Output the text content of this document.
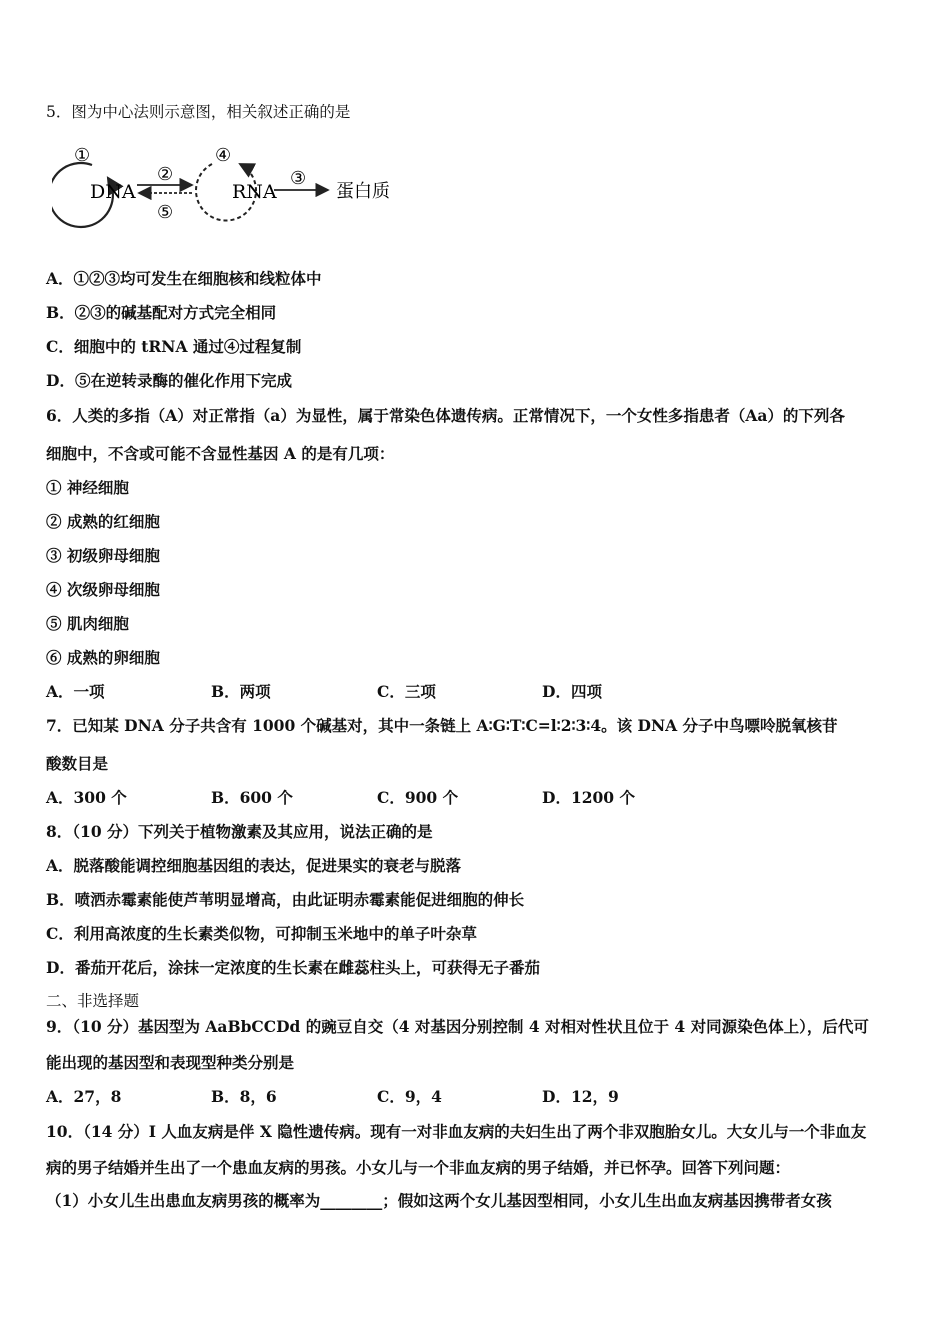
5．图为中心法则示意图，相关叙述正确的是
①
DNA
②
⑤
④
RNA
③
蛋白质
A．①②③均可发生在细胞核和线粒体中
B．②③的碱基配对方式完全相同
C．细胞中的 tRNA 通过④过程复制
D．⑤在逆转录酶的催化作用下完成
6．人类的多指（A）对正常指（a）为显性，属于常染色体遗传病。正常情况下，一个女性多指患者（Aa）的下列各
细胞中，不含或可能不含显性基因 A 的是有几项：
① 神经细胞
② 成熟的红细胞
③ 初级卵母细胞
④ 次级卵母细胞
⑤ 肌肉细胞
⑥ 成熟的卵细胞
A．一项	B．两项	C．三项	D．四项
7．已知某 DNA 分子共含有 1000 个碱基对，其中一条链上 A∶G∶T∶C=l∶2∶3∶4。该 DNA 分子中鸟嘌呤脱氧核苷
酸数目是
A．300 个	B．600 个	C．900 个	D．1200 个
8．（10 分）下列关于植物激素及其应用，说法正确的是
A．脱落酸能调控细胞基因组的表达，促进果实的衰老与脱落
B．喷洒赤霉素能使芦苇明显增高，由此证明赤霉素能促进细胞的伸长
C．利用高浓度的生长素类似物，可抑制玉米地中的单子叶杂草
D．番茄开花后，涂抹一定浓度的生长素在雌蕊柱头上，可获得无子番茄
二、非选择题
9．（10 分）基因型为 AaBbCCDd 的豌豆自交（4 对基因分别控制 4 对相对性状且位于 4 对同源染色体上），后代可
能出现的基因型和表现型种类分别是
A．27，8	B．8，6	C．9，4	D．12，9
10．（14 分）I 人血友病是伴 X 隐性遗传病。现有一对非血友病的夫妇生出了两个非双胞胎女儿。大女儿与一个非血友
病的男子结婚并生出了一个患血友病的男孩。小女儿与一个非血友病的男子结婚，并已怀孕。回答下列问题：
（1）小女儿生出患血友病男孩的概率为________；假如这两个女儿基因型相同，小女儿生出血友病基因携带者女孩
